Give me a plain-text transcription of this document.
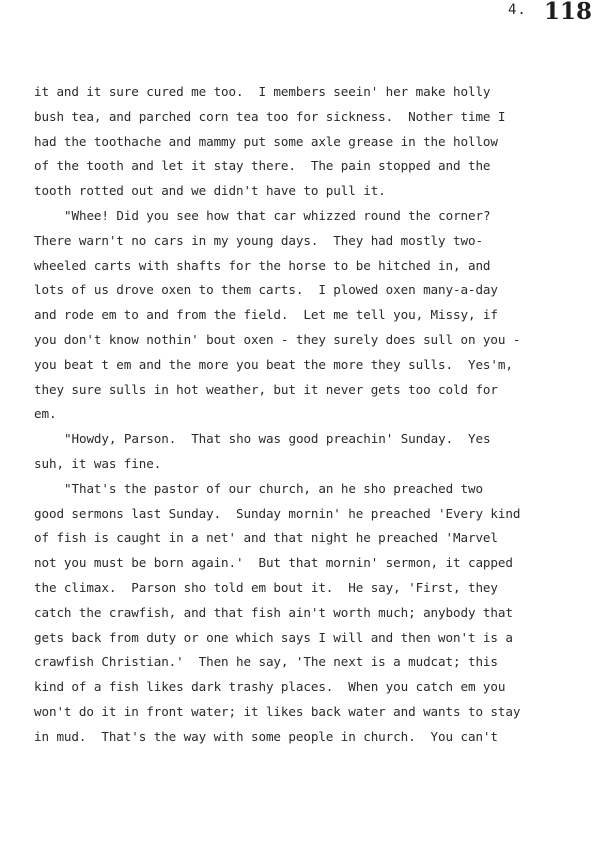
4. 118
it and it sure cured me too.  I members seein' her make holly
bush tea, and parched corn tea too for sickness.  Nother time I
had the toothache and mammy put some axle grease in the hollow
of the tooth and let it stay there.  The pain stopped and the
tooth rotted out and we didn't have to pull it.
"Whee! Did you see how that car whizzed round the corner?
There warn't no cars in my young days.  They had mostly two-
wheeled carts with shafts for the horse to be hitched in, and
lots of us drove oxen to them carts.  I plowed oxen many-a-day
and rode em to and from the field.  Let me tell you, Missy, if
you don't know nothin' bout oxen - they surely does sull on you -
you beat t em and the more you beat the more they sulls.  Yes'm,
they sure sulls in hot weather, but it never gets too cold for
em.
"Howdy, Parson.  That sho was good preachin' Sunday.  Yes
suh, it was fine.
"That's the pastor of our church, an he sho preached two
good sermons last Sunday.  Sunday mornin' he preached 'Every kind
of fish is caught in a net' and that night he preached 'Marvel
not you must be born again.'  But that mornin' sermon, it capped
the climax.  Parson sho told em bout it.  He say, 'First, they
catch the crawfish, and that fish ain't worth much; anybody that
gets back from duty or one which says I will and then won't is a
crawfish Christian.'  Then he say, 'The next is a mudcat; this
kind of a fish likes dark trashy places.  When you catch em you
won't do it in front water; it likes back water and wants to stay
in mud.  That's the way with some people in church.  You can't
